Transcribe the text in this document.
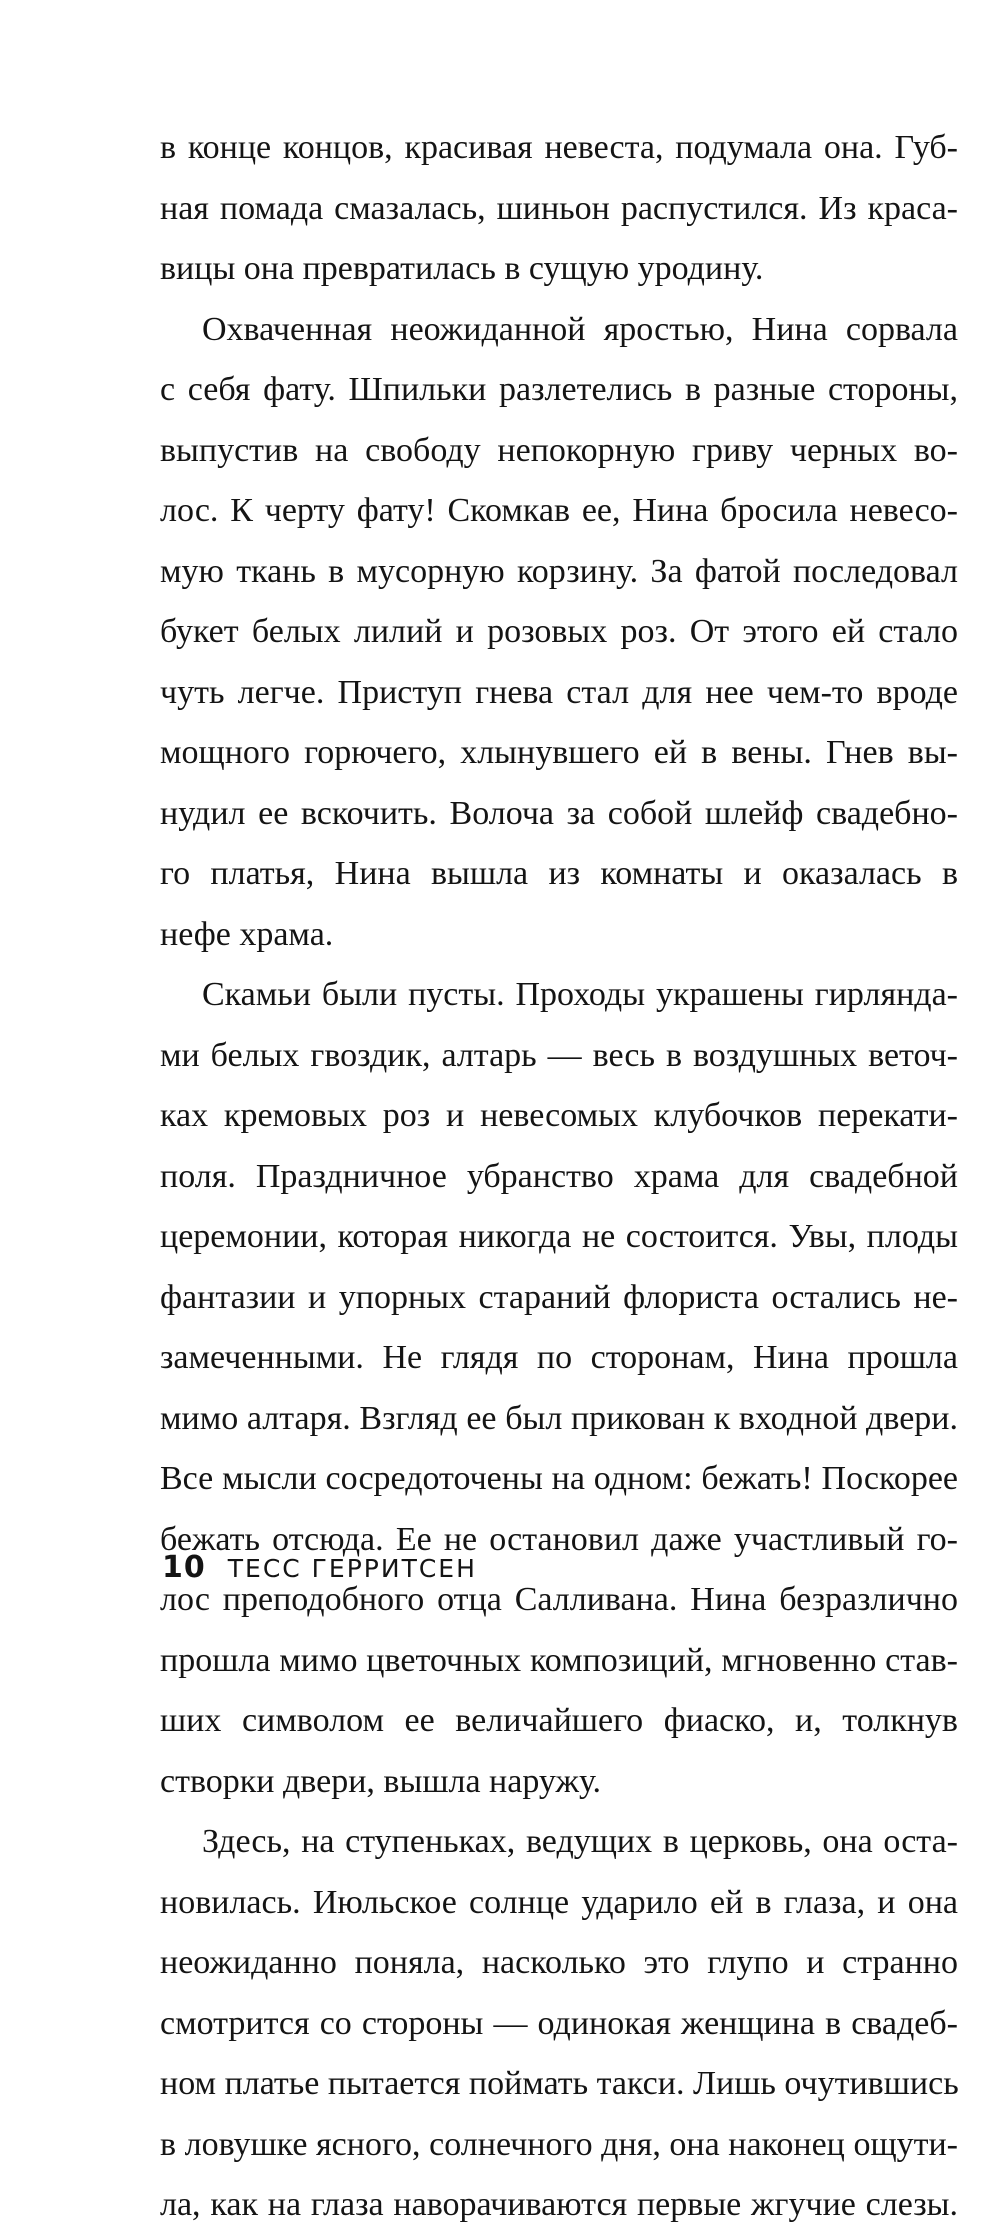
в конце концов, красивая невеста, подумала она. Губ-
ная помада смазалась, шиньон распустился. Из краса-
вицы она превратилась в сущую уродину.

Охваченная неожиданной яростью, Нина сорвала
с себя фату. Шпильки разлетелись в разные стороны,
выпустив на свободу непокорную гриву черных во-
лос. К черту фату! Скомкав ее, Нина бросила невесо-
мую ткань в мусорную корзину. За фатой последовал
букет белых лилий и розовых роз. От этого ей стало
чуть легче. Приступ гнева стал для нее чем-то вроде
мощного горючего, хлынувшего ей в вены. Гнев вы-
нудил ее вскочить. Волоча за собой шлейф свадебно-
го платья, Нина вышла из комнаты и оказалась в
нефе храма.

Скамьи были пусты. Проходы украшены гирлянда-
ми белых гвоздик, алтарь — весь в воздушных веточ-
ках кремовых роз и невесомых клубочков перекати-
поля. Праздничное убранство храма для свадебной
церемонии, которая никогда не состоится. Увы, плоды
фантазии и упорных стараний флориста остались не-
замеченными. Не глядя по сторонам, Нина прошла
мимо алтаря. Взгляд ее был прикован к входной двери.
Все мысли сосредоточены на одном: бежать! Поскорее
бежать отсюда. Ее не остановил даже участливый го-
лос преподобного отца Салливана. Нина безразлично
прошла мимо цветочных композиций, мгновенно став-
ших символом ее величайшего фиаско, и, толкнув
створки двери, вышла наружу.

Здесь, на ступеньках, ведущих в церковь, она оста-
новилась. Июльское солнце ударило ей в глаза, и она
неожиданно поняла, насколько это глупо и странно
смотрится со стороны — одинокая женщина в свадеб-
ном платье пытается поймать такси. Лишь очутившись
в ловушке ясного, солнечного дня, она наконец ощути-
ла, как на глаза наворачиваются первые жгучие слезы.

10 ТЕСС ГЕРРИТСЕН
